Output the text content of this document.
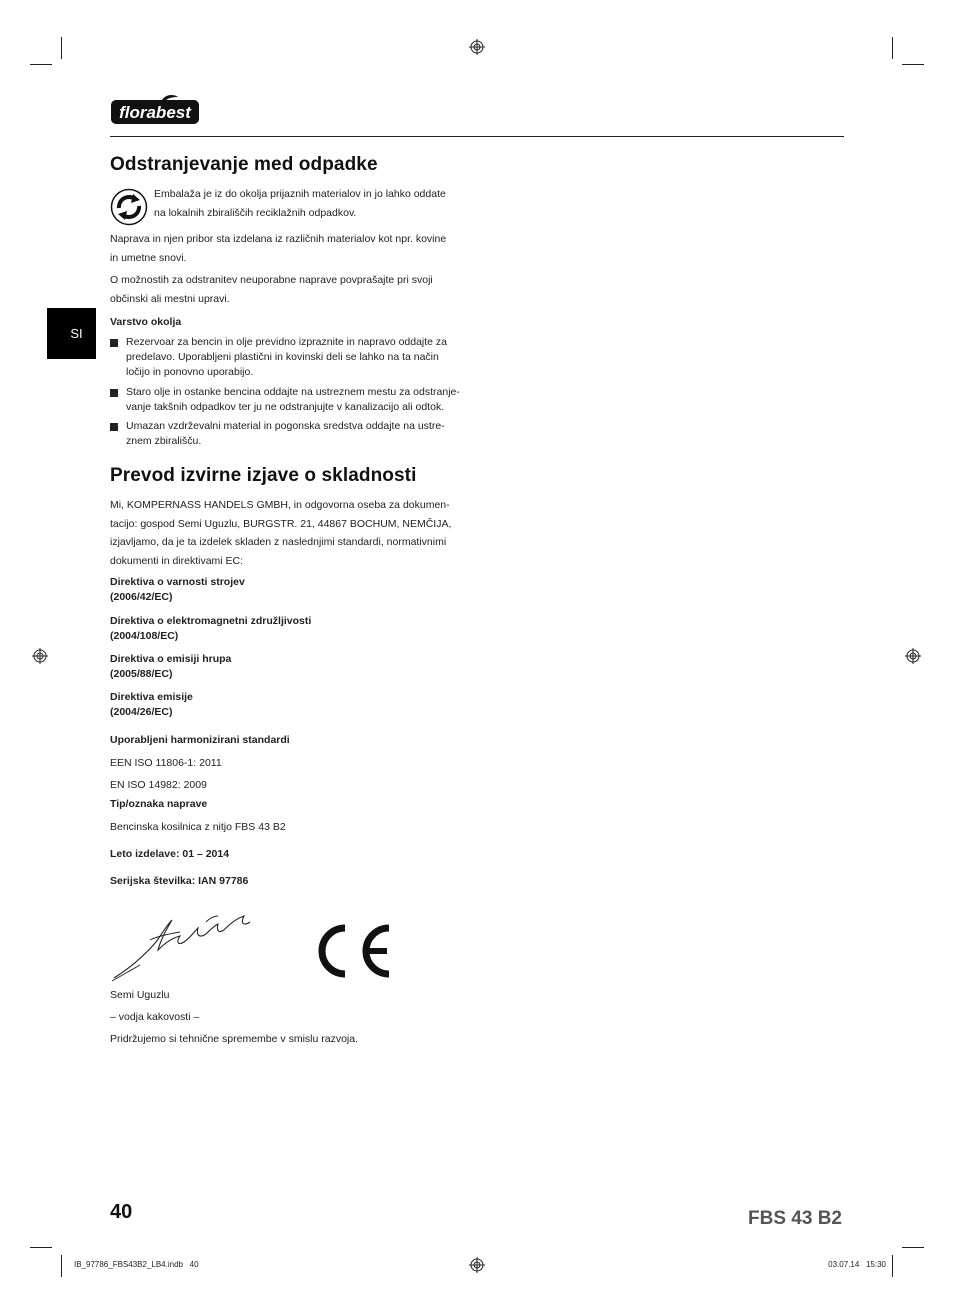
florabest
SI
Odstranjevanje med odpadke

Embalaža je iz do okolja prijaznih materialov in jo lahko oddate
na lokalnih zbirališčih reciklažnih odpadkov.

Naprava in njen pribor sta izdelana iz različnih materialov kot npr. kovine
in umetne snovi.

O možnostih za odstranitev neuporabne naprave povprašajte pri svoji
občinski ali mestni upravi.

Varstvo okolja

Rezervoar za bencin in olje previdno izpraznite in napravo oddajte za
predelavo. Uporabljeni plastični in kovinski deli se lahko na ta način
ločijo in ponovno uporabijo.

Staro olje in ostanke bencina oddajte na ustreznem mestu za odstranje-
vanje takšnih odpadkov ter ju ne odstranjujte v kanalizacijo ali odtok.

Umazan vzdrževalni material in pogonska sredstva oddajte na ustre-
znem zbirališču.

Prevod izvirne izjave o skladnosti

Mi, KOMPERNASS HANDELS GMBH, in odgovorna oseba za dokumen-
tacijo: gospod Semi Uguzlu, BURGSTR. 21, 44867 BOCHUM, NEMČIJA,
izjavljamo, da je ta izdelek skladen z naslednjimi standardi, normativnimi
dokumenti in direktivami EC:

Direktiva o varnosti strojev
(2006/42/EC)

Direktiva o elektromagnetni združljivosti
(2004/108/EC)

Direktiva o emisiji hrupa
(2005/88/EC)

Direktiva emisije
(2004/26/EC)

Uporabljeni harmonizirani standardi

EEN ISO 11806-1: 2011

EN ISO 14982: 2009

Tip/oznaka naprave

Bencinska kosilnica z nitjo FBS 43 B2

Leto izdelave: 01 – 2014

Serijska številka: IAN 97786

Semi Uguzlu

– vodja kakovosti –

Pridržujemo si tehnične spremembe v smislu razvoja.

40	FBS 43 B2
IB_97786_FBS43B2_LB4.indb   40	03.07.14   15:30
